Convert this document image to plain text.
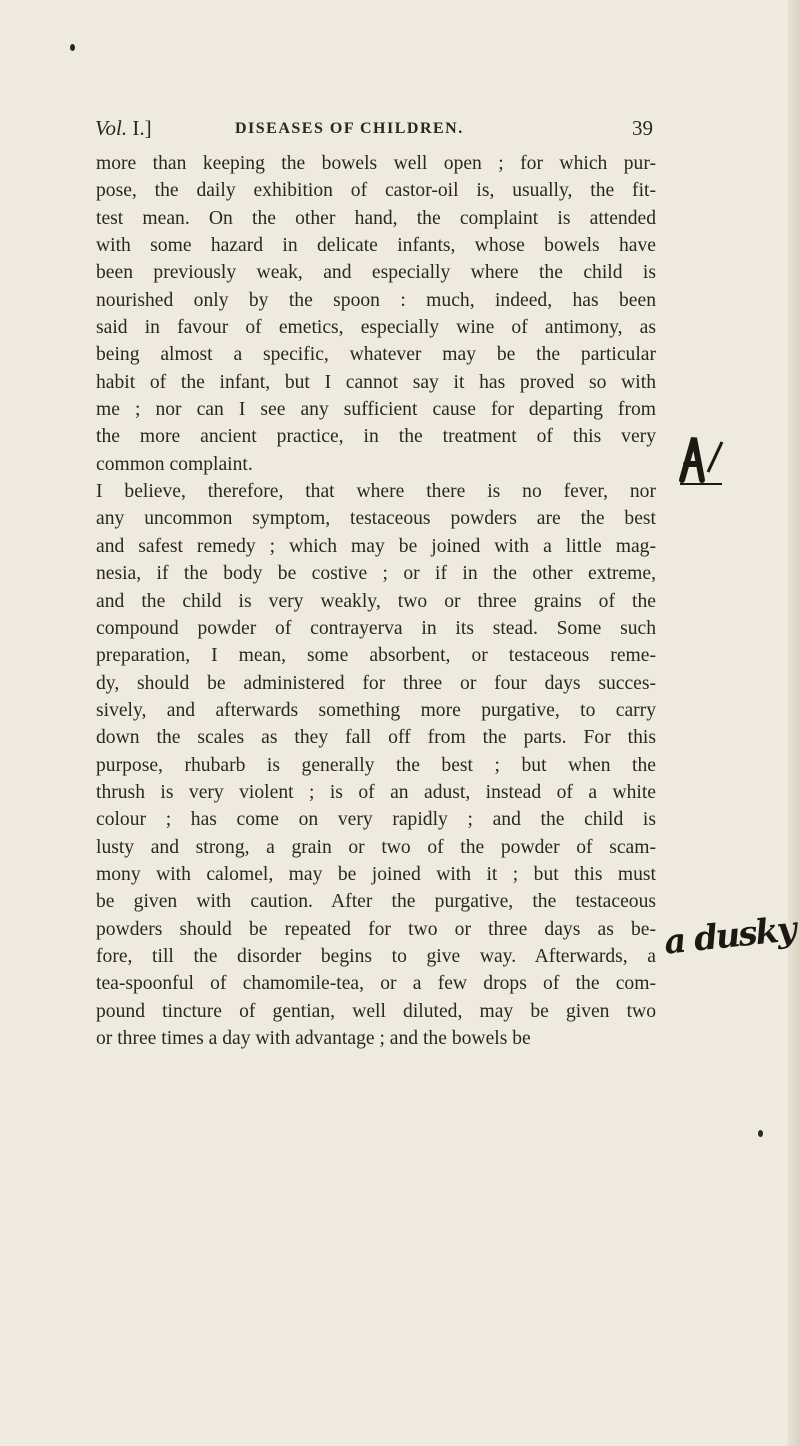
Vol. I.]	DISEASES OF CHILDREN.	39
more than keeping the bowels well open ; for which pur-
pose, the daily exhibition of castor-oil is, usually, the fit-
test mean. On the other hand, the complaint is attended
with some hazard in delicate infants, whose bowels have
been previously weak, and especially where the child is
nourished only by the spoon : much, indeed, has been
said in favour of emetics, especially wine of antimony, as
being almost a specific, whatever may be the particular
habit of the infant, but I cannot say it has proved so with
me ; nor can I see any sufficient cause for departing from
the more ancient practice, in the treatment of this very
common complaint.
I believe, therefore, that where there is no fever, nor
any uncommon symptom, testaceous powders are the best
and safest remedy ; which may be joined with a little mag-
nesia, if the body be costive ; or if in the other extreme,
and the child is very weakly, two or three grains of the
compound powder of contrayerva in its stead. Some such
preparation, I mean, some absorbent, or testaceous reme-
dy, should be administered for three or four days succes-
sively, and afterwards something more purgative, to carry
down the scales as they fall off from the parts. For this
purpose, rhubarb is generally the best ; but when the
thrush is very violent ; is of an adust, instead of a white
colour ; has come on very rapidly ; and the child is
lusty and strong, a grain or two of the powder of scam-
mony with calomel, may be joined with it ; but this must
be given with caution. After the purgative, the testaceous
powders should be repeated for two or three days as be-
fore, till the disorder begins to give way. Afterwards, a
tea-spoonful of chamomile-tea, or a few drops of the com-
pound tincture of gentian, well diluted, may be given two
or three times a day with advantage ; and the bowels be
a dusky
